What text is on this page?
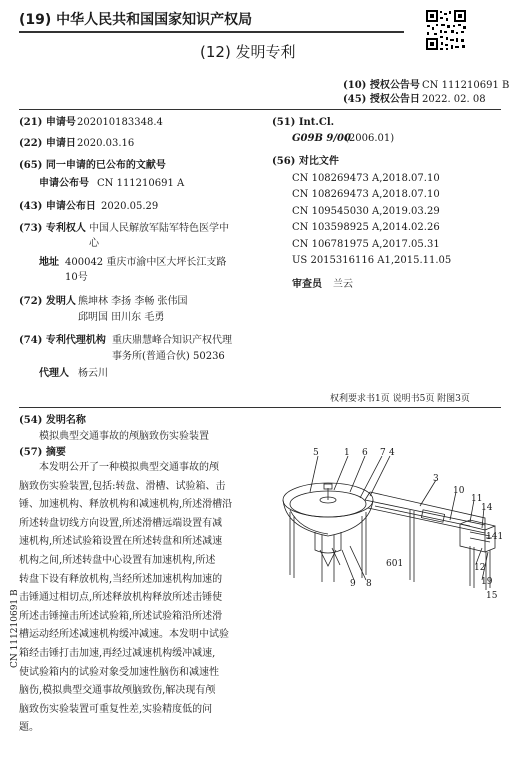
(19) 中华人民共和国国家知识产权局
(12) 发明专利
(10) 授权公告号 CN 111210691 B
(45) 授权公告日 2022. 02. 08
(21) 申请号 202010183348.4
(22) 申请日 2020.03.16
(65) 同一申请的已公布的文献号
申请公布号 CN 111210691 A
(43) 申请公布日 2020.05.29
(73) 专利权人 中国人民解放军陆军特色医学中
心
地址 400042 重庆市渝中区大坪长江支路
10号
(72) 发明人 熊坤林 李扬 李畅 张伟国
邱明国 田川东 毛勇
(74) 专利代理机构 重庆鼎慧峰合知识产权代理
事务所(普通合伙) 50236
代理人 杨云川
(51) Int.Cl.
G09B 9/00
(2006.01)
(56) 对比文件
CN 108269473 A,2018.07.10
CN 108269473 A,2018.07.10
CN 109545030 A,2019.03.29
CN 103598925 A,2014.02.26
CN 106781975 A,2017.05.31
US 2015316116 A1,2015.11.05
审查员 兰云
权利要求书1页 说明书5页 附图3页
(54) 发明名称
模拟典型交通事故的颅脑致伤实验装置
(57) 摘要
本发明公开了一种模拟典型交通事故的颅
脑致伤实验装置,包括:转盘、滑槽、试验箱、击
锤、加速机构、释放机构和减速机构,所述滑槽沿
所述转盘切线方向设置,所述滑槽远端设置有减
速机构,所述试验箱设置在所述转盘和所述减速
机构之间,所述转盘中心设置有加速机构,所述
转盘下设有释放机构,当经所述加速机构加速的
击锤通过相切点,所述释放机构释放所述击锤使
所述击锤撞击所述试验箱,所述试验箱沿所述滑
槽运动经所述减速机构缓冲减速。本发明中试验
箱经击锤打击加速,再经过减速机构缓冲减速,
使试验箱内的试验对象受加速性脑伤和减速性
脑伤,模拟典型交通事故颅脑致伤,解决现有颅
脑致伤实验装置可重复性差,实验精度低的问
题。
5	1 6 7 4
3
10
11
14
141
601
9 8
12
19
15
CN 111210691 B
